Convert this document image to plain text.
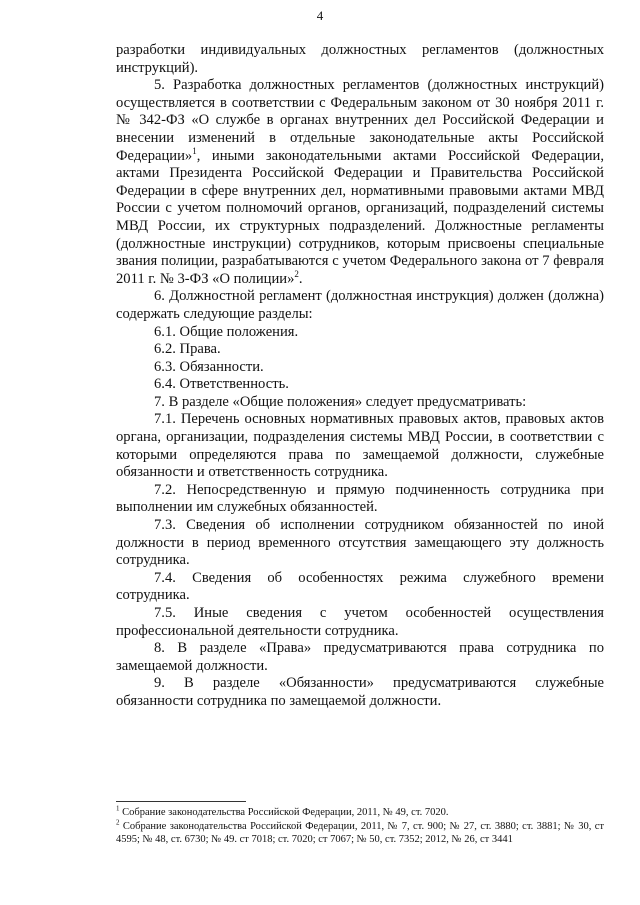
4

разработки индивидуальных должностных регламентов (должностных инструкций).

5. Разработка должностных регламентов (должностных инструкций) осуществляется в соответствии с Федеральным законом от 30 ноября 2011 г. № 342-ФЗ «О службе в органах внутренних дел Российской Федерации и внесении изменений в отдельные законодательные акты Российской Федерации»$^1$, иными законодательными актами Российской Федерации, актами Президента Российской Федерации и Правительства Российской Федерации в сфере внутренних дел, нормативными правовыми актами МВД России с учетом полномочий органов, организаций, подразделений системы МВД России, их структурных подразделений. Должностные регламенты (должностные инструкции) сотрудников, которым присвоены специальные звания полиции, разрабатываются с учетом Федерального закона от 7 февраля 2011 г. № 3-ФЗ «О полиции»$^2$.

6. Должностной регламент (должностная инструкция) должен (должна) содержать следующие разделы:

6.1. Общие положения.

6.2. Права.

6.3. Обязанности.

6.4. Ответственность.

7. В разделе «Общие положения» следует предусматривать:

7.1. Перечень основных нормативных правовых актов, правовых актов органа, организации, подразделения системы МВД России, в соответствии с которыми определяются права по замещаемой должности, служебные обязанности и ответственность сотрудника.

7.2. Непосредственную и прямую подчиненность сотрудника при выполнении им служебных обязанностей.

7.3. Сведения об исполнении сотрудником обязанностей по иной должности в период временного отсутствия замещающего эту должность сотрудника.

7.4. Сведения об особенностях режима служебного времени сотрудника.

7.5. Иные сведения с учетом особенностей осуществления профессиональной деятельности сотрудника.

8. В разделе «Права» предусматриваются права сотрудника по замещаемой должности.

9. В разделе «Обязанности» предусматриваются служебные обязанности сотрудника по замещаемой должности.

$^1$ Собрание законодательства Российской Федерации, 2011, № 49, ст. 7020.

$^2$ Собрание законодательства Российской Федерации, 2011, № 7, ст. 900; № 27, ст. 3880; ст. 3881; № 30, ст 4595; № 48, ст. 6730; № 49. ст 7018; ст. 7020; ст 7067; № 50, ст. 7352; 2012, № 26, ст 3441
